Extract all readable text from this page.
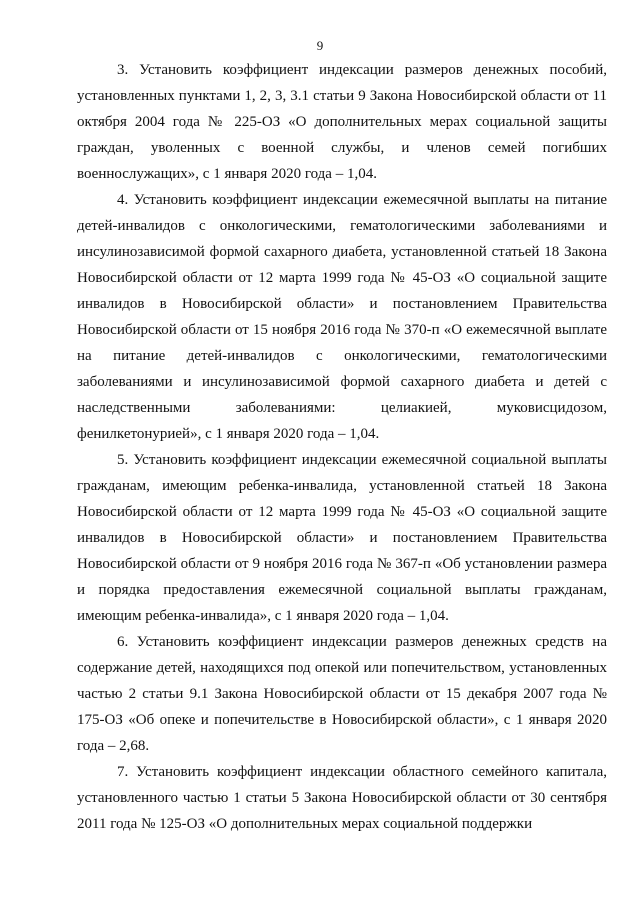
9

3. Установить коэффициент индексации размеров денежных пособий, установленных пунктами 1, 2, 3, 3.1 статьи 9 Закона Новосибирской области от 11 октября 2004 года № 225-ОЗ «О дополнительных мерах социальной защиты граждан, уволенных с военной службы, и членов семей погибших военнослужащих», с 1 января 2020 года – 1,04.

4. Установить коэффициент индексации ежемесячной выплаты на питание детей-инвалидов с онкологическими, гематологическими заболеваниями и инсулинозависимой формой сахарного диабета, установленной статьей 18 Закона Новосибирской области от 12 марта 1999 года № 45-ОЗ «О социальной защите инвалидов в Новосибирской области» и постановлением Правительства Новосибирской области от 15 ноября 2016 года № 370-п «О ежемесячной выплате на питание детей-инвалидов с онкологическими, гематологическими заболеваниями и инсулинозависимой формой сахарного диабета и детей с наследственными заболеваниями: целиакией, муковисцидозом, фенилкетонурией», с 1 января 2020 года – 1,04.

5. Установить коэффициент индексации ежемесячной социальной выплаты гражданам, имеющим ребенка-инвалида, установленной статьей 18 Закона Новосибирской области от 12 марта 1999 года № 45-ОЗ «О социальной защите инвалидов в Новосибирской области» и постановлением Правительства Новосибирской области от 9 ноября 2016 года № 367-п «Об установлении размера и порядка предоставления ежемесячной социальной выплаты гражданам, имеющим ребенка-инвалида», с 1 января 2020 года – 1,04.

6. Установить коэффициент индексации размеров денежных средств на содержание детей, находящихся под опекой или попечительством, установленных частью 2 статьи 9.1 Закона Новосибирской области от 15 декабря 2007 года № 175-ОЗ «Об опеке и попечительстве в Новосибирской области», с 1 января 2020 года – 2,68.

7. Установить коэффициент индексации областного семейного капитала, установленного частью 1 статьи 5 Закона Новосибирской области от 30 сентября 2011 года № 125-ОЗ «О дополнительных мерах социальной поддержки
